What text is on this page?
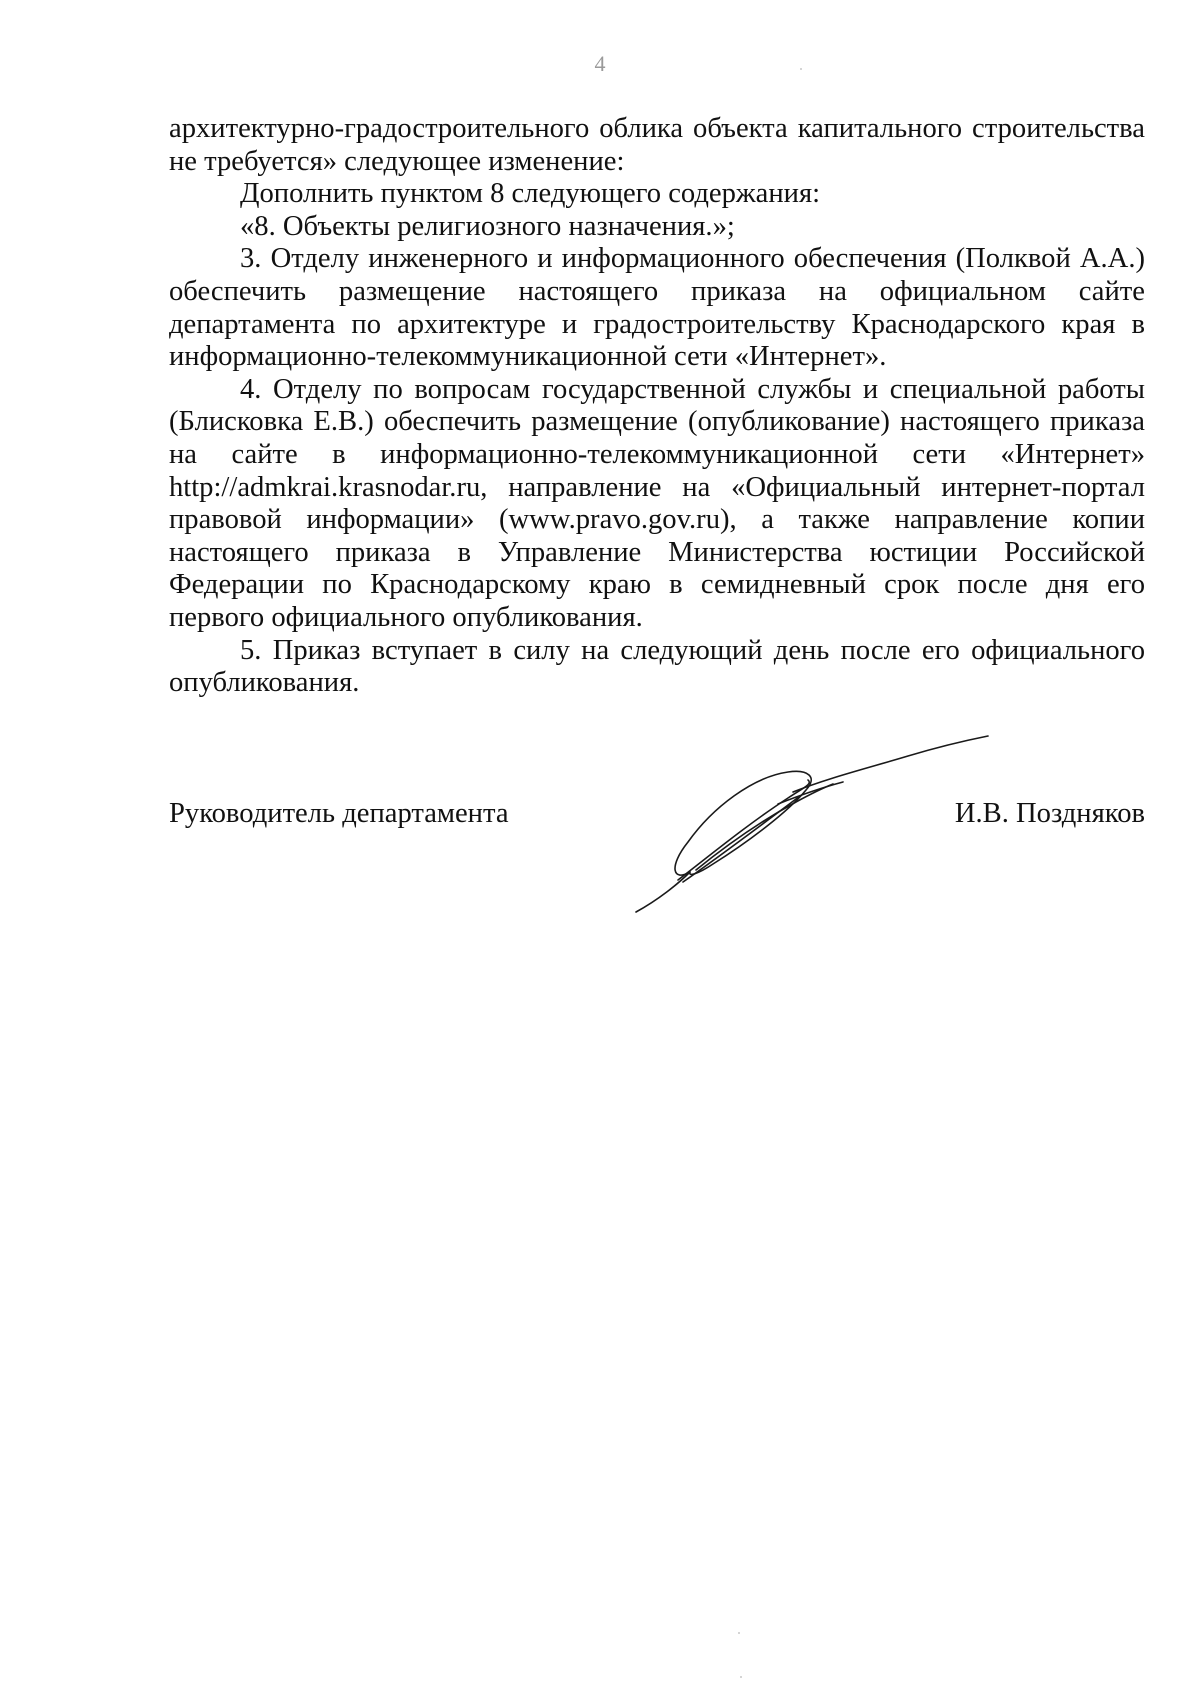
4

архитектурно-градостроительного облика объекта капитального строительства не требуется» следующее изменение:

Дополнить пунктом 8 следующего содержания:

«8. Объекты религиозного назначения.»;

3. Отделу инженерного и информационного обеспечения (Полквой А.А.) обеспечить размещение настоящего приказа на официальном сайте департамента по архитектуре и градостроительству Краснодарского края в информационно-телекоммуникационной сети «Интернет».

4. Отделу по вопросам государственной службы и специальной работы (Блисковка Е.В.) обеспечить размещение (опубликование) настоящего приказа на сайте в информационно-телекоммуникационной сети «Интернет» http://admkrai.krasnodar.ru, направление на «Официальный интернет-портал правовой информации» (www.pravo.gov.ru), а также направление копии настоящего приказа в Управление Министерства юстиции Российской Федерации по Краснодарскому краю в семидневный срок после дня его первого официального опубликования.

5. Приказ вступает в силу на следующий день после его официального опубликования.

Руководитель департамента	И.В. Поздняков
